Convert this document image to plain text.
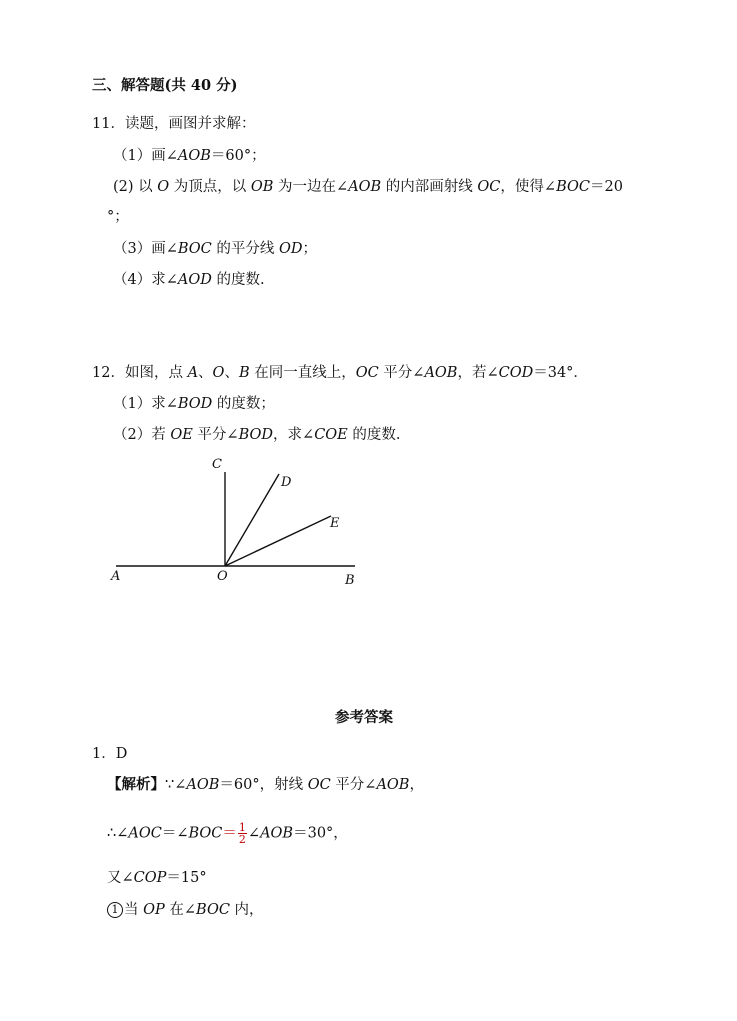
三、解答题(共 40 分)
11．读题，画图并求解：
（1）画∠AOB＝60°；
(2) 以 O 为顶点，以 OB 为一边在∠AOB 的内部画射线 OC，使得∠BOC＝20
°；
（3）画∠BOC 的平分线 OD；
（4）求∠AOD 的度数.
12．如图，点 A、O、B 在同一直线上，OC 平分∠AOB，若∠COD＝34°．
（1）求∠BOD 的度数；
（2）若 OE 平分∠BOD，求∠COE 的度数.
A	O	B
C
D
E
参考答案
1．D
【解析】∵∠AOB＝60°，射线 OC 平分∠AOB，
∴∠AOC＝∠BOC＝ $\frac{1}{2}$ ∠AOB＝30°，
又∠COP＝15°
1 当 OP 在∠BOC 内，
